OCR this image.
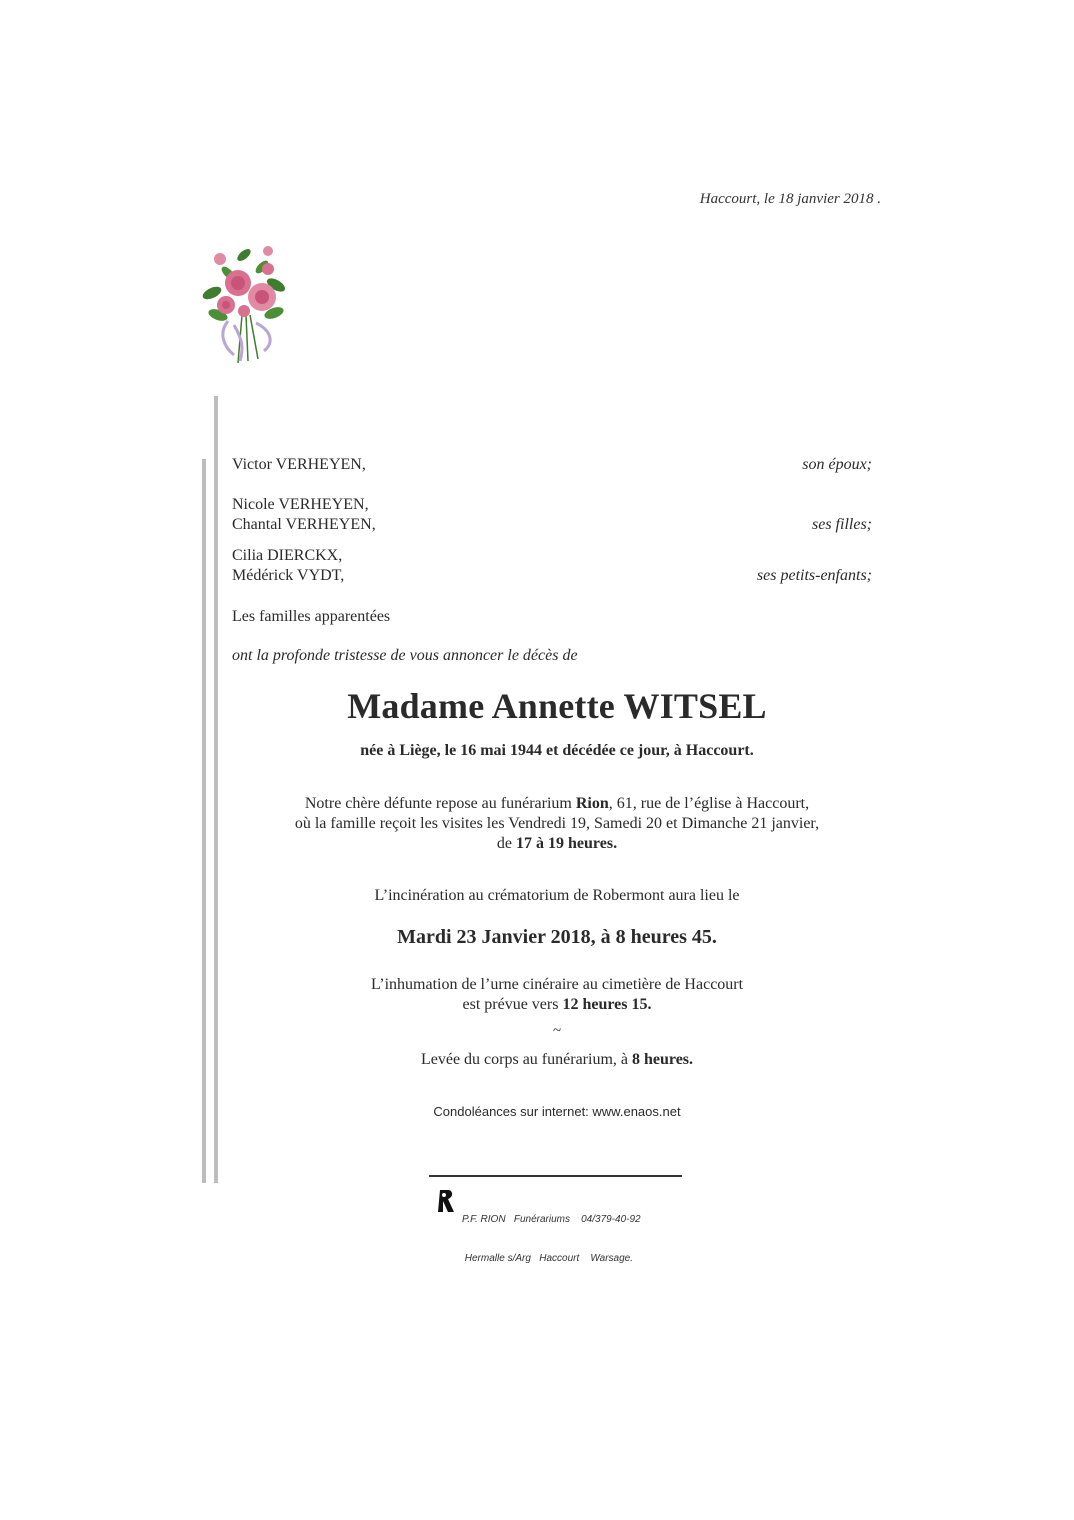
Haccourt, le 18 janvier 2018 .
Victor VERHEYEN,	son époux;
Nicole VERHEYEN,
Chantal VERHEYEN,	ses filles;
Cilia DIERCKX,
Médérick VYDT,	ses petits-enfants;
Les familles apparentées
ont la profonde tristesse de vous annoncer le décès de
Madame Annette WITSEL
née à Liège, le 16 mai 1944 et décédée ce jour, à Haccourt.
Notre chère défunte repose au funérarium Rion, 61, rue de l’église à Haccourt,
où la famille reçoit les visites les Vendredi 19, Samedi 20 et Dimanche 21 janvier,
de 17 à 19 heures.
L’incinération au crématorium de Robermont aura lieu le
Mardi 23 Janvier 2018, à 8 heures 45.
L’inhumation de l’urne cinéraire au cimetière de Haccourt
est prévue vers 12 heures 15.
~
Levée du corps au funérarium, à 8 heures.
Condoléances sur internet: www.enaos.net

P.F. RION   Funérariums    04/379-40-92

Hermalle s/Arg   Haccourt    Warsage.
